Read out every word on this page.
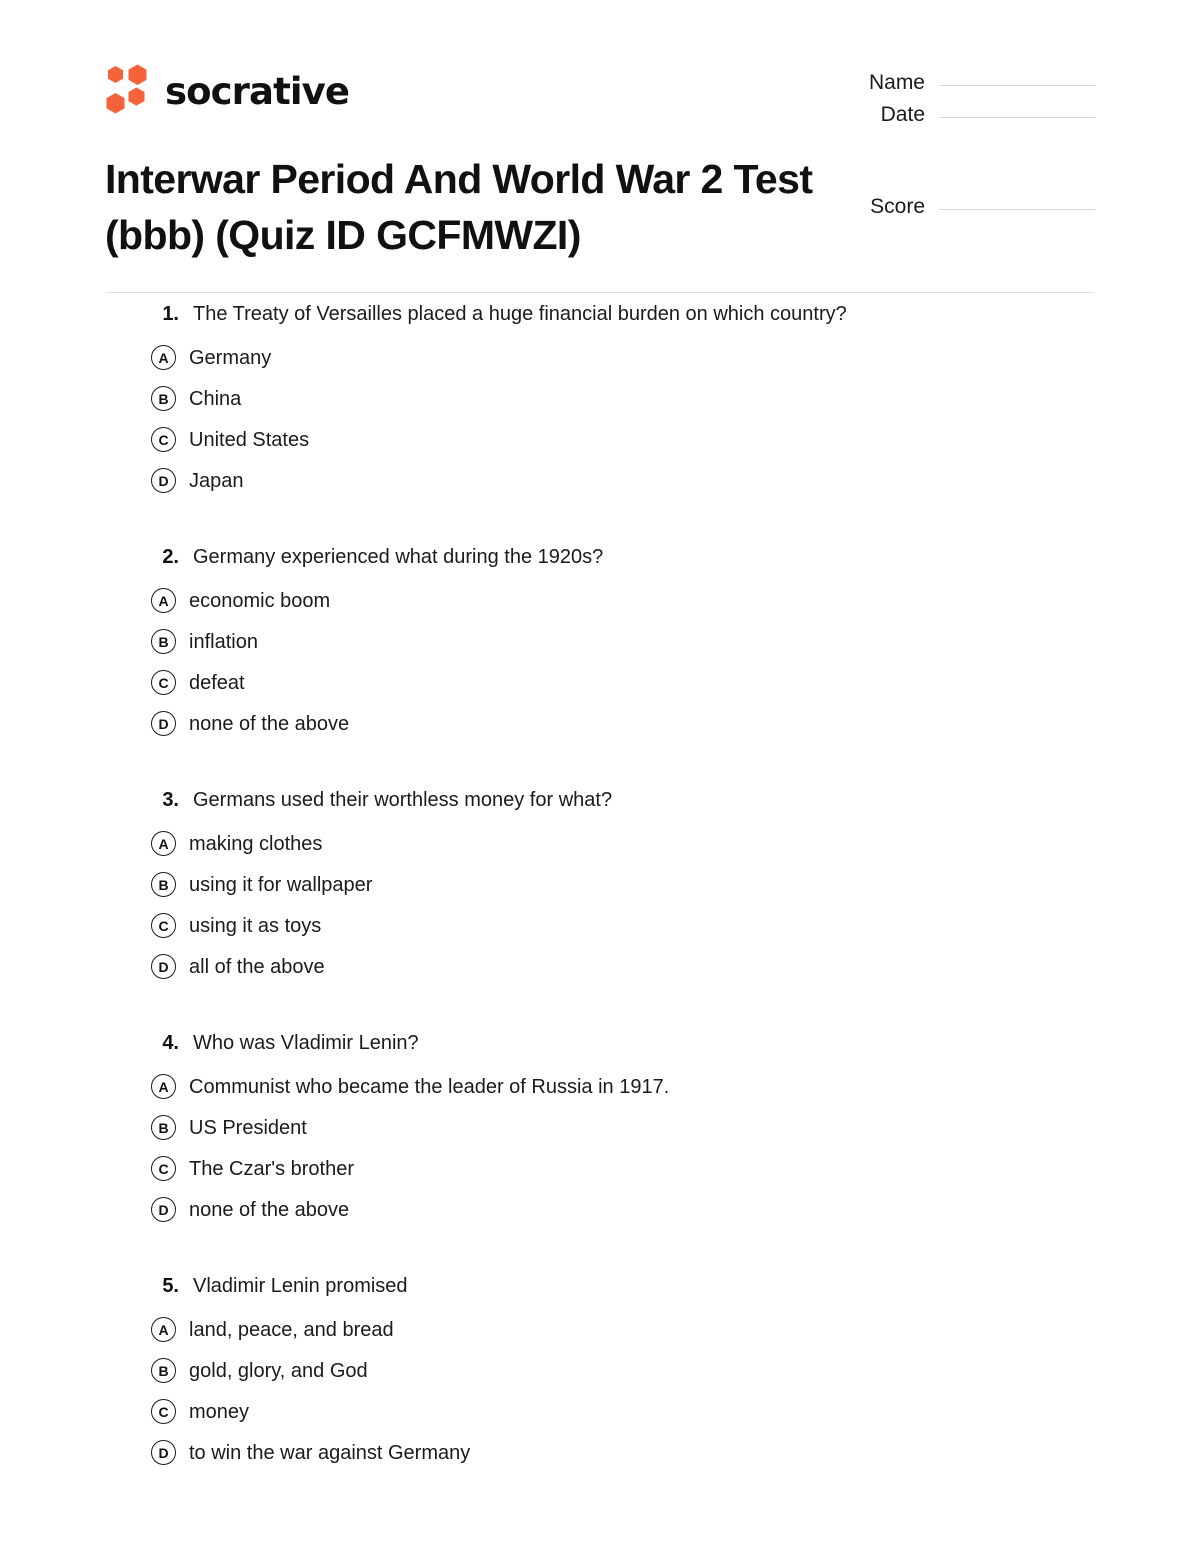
socrative	Name
Date
Score
Interwar Period And World War 2 Test (bbb) (Quiz ID GCFMWZI)
1. The Treaty of Versailles placed a huge financial burden on which country?
A	Germany
B	China
C	United States
D	Japan
2. Germany experienced what during the 1920s?
A	economic boom
B	inflation
C	defeat
D	none of the above
3. Germans used their worthless money for what?
A	making clothes
B	using it for wallpaper
C	using it as toys
D	all of the above
4. Who was Vladimir Lenin?
A	Communist who became the leader of Russia in 1917.
B	US President
C	The Czar's brother
D	none of the above
5. Vladimir Lenin promised
A	land, peace, and bread
B	gold, glory, and God
C	money
D	to win the war against Germany
